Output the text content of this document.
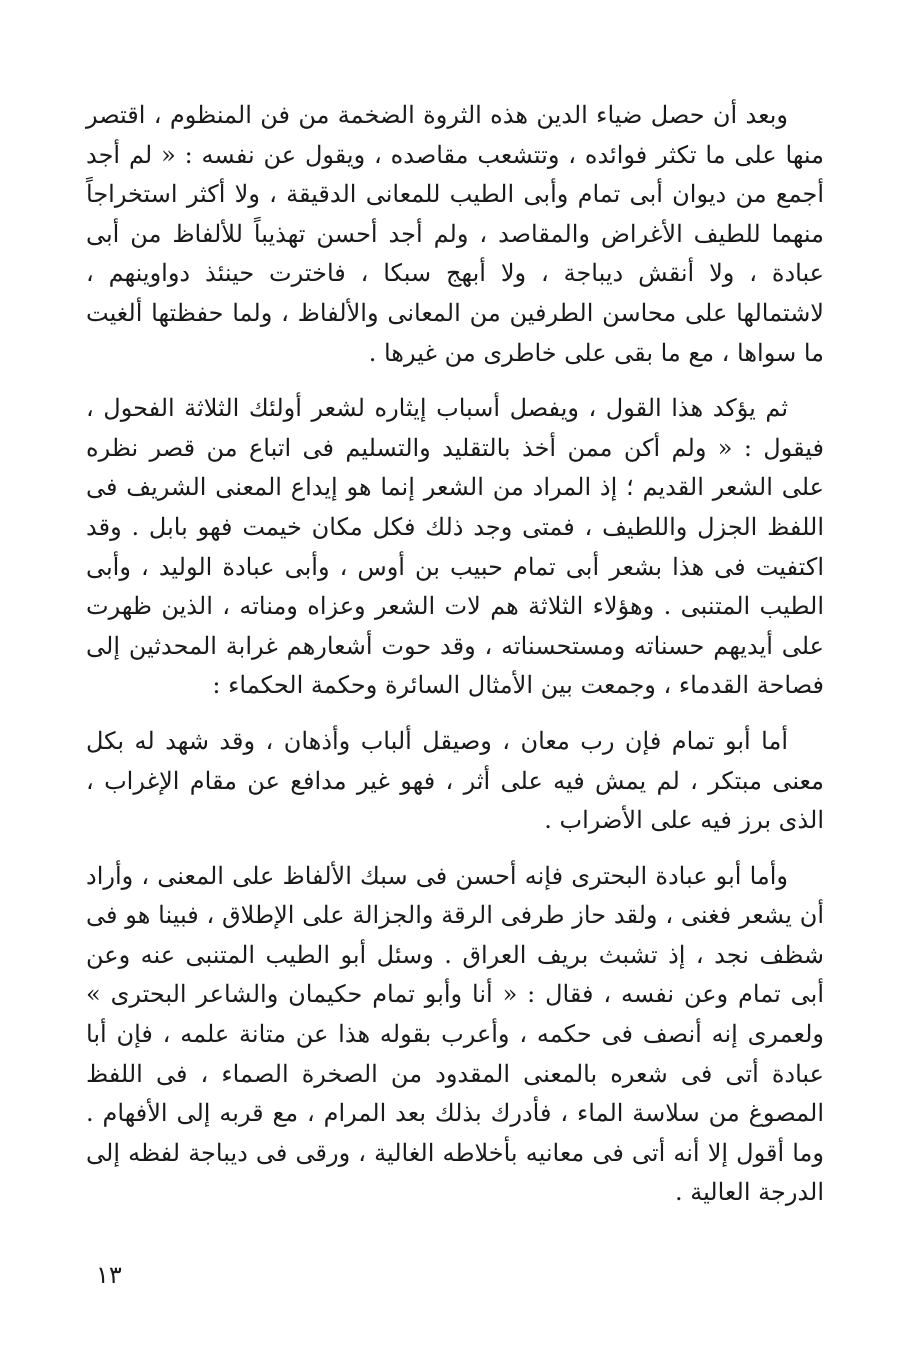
وبعد أن حصل ضياء الدين هذه الثروة الضخمة من فن المنظوم ، اقتصر منها على ما تكثر فوائده ، وتتشعب مقاصده ، ويقول عن نفسه : « لم أجد أجمع من ديوان أبى تمام وأبى الطيب للمعانى الدقيقة ، ولا أكثر استخراجاً منهما للطيف الأغراض والمقاصد ، ولم أجد أحسن تهذيباً للألفاظ من أبى عبادة ، ولا أنقش ديباجة ، ولا أبهج سبكا ، فاخترت حينئذ دواوينهم ، لاشتمالها على محاسن الطرفين من المعانى والألفاظ ، ولما حفظتها ألغيت ما سواها ، مع ما بقى على خاطرى من غيرها .

ثم يؤكد هذا القول ، ويفصل أسباب إيثاره لشعر أولئك الثلاثة الفحول ، فيقول : « ولم أكن ممن أخذ بالتقليد والتسليم فى اتباع من قصر نظره على الشعر القديم ؛ إذ المراد من الشعر إنما هو إيداع المعنى الشريف فى اللفظ الجزل واللطيف ، فمتى وجد ذلك فكل مكان خيمت فهو بابل . وقد اكتفيت فى هذا بشعر أبى تمام حبيب بن أوس ، وأبى عبادة الوليد ، وأبى الطيب المتنبى . وهؤلاء الثلاثة هم لات الشعر وعزاه ومناته ، الذين ظهرت على أيديهم حسناته ومستحسناته ، وقد حوت أشعارهم غرابة المحدثين إلى فصاحة القدماء ، وجمعت بين الأمثال السائرة وحكمة الحكماء :

أما أبو تمام فإن رب معان ، وصيقل ألباب وأذهان ، وقد شهد له بكل معنى مبتكر ، لم يمش فيه على أثر ، فهو غير مدافع عن مقام الإغراب ، الذى برز فيه على الأضراب .

وأما أبو عبادة البحترى فإنه أحسن فى سبك الألفاظ على المعنى ، وأراد أن يشعر فغنى ، ولقد حاز طرفى الرقة والجزالة على الإطلاق ، فبينا هو فى شظف نجد ، إذ تشبث بريف العراق . وسئل أبو الطيب المتنبى عنه وعن أبى تمام وعن نفسه ، فقال : « أنا وأبو تمام حكيمان والشاعر البحترى » ولعمرى إنه أنصف فى حكمه ، وأعرب بقوله هذا عن متانة علمه ، فإن أبا عبادة أتى فى شعره بالمعنى المقدود من الصخرة الصماء ، فى اللفظ المصوغ من سلاسة الماء ، فأدرك بذلك بعد المرام ، مع قربه إلى الأفهام . وما أقول إلا أنه أتى فى معانيه بأخلاطه الغالية ، ورقى فى ديباجة لفظه إلى الدرجة العالية .

١٣
